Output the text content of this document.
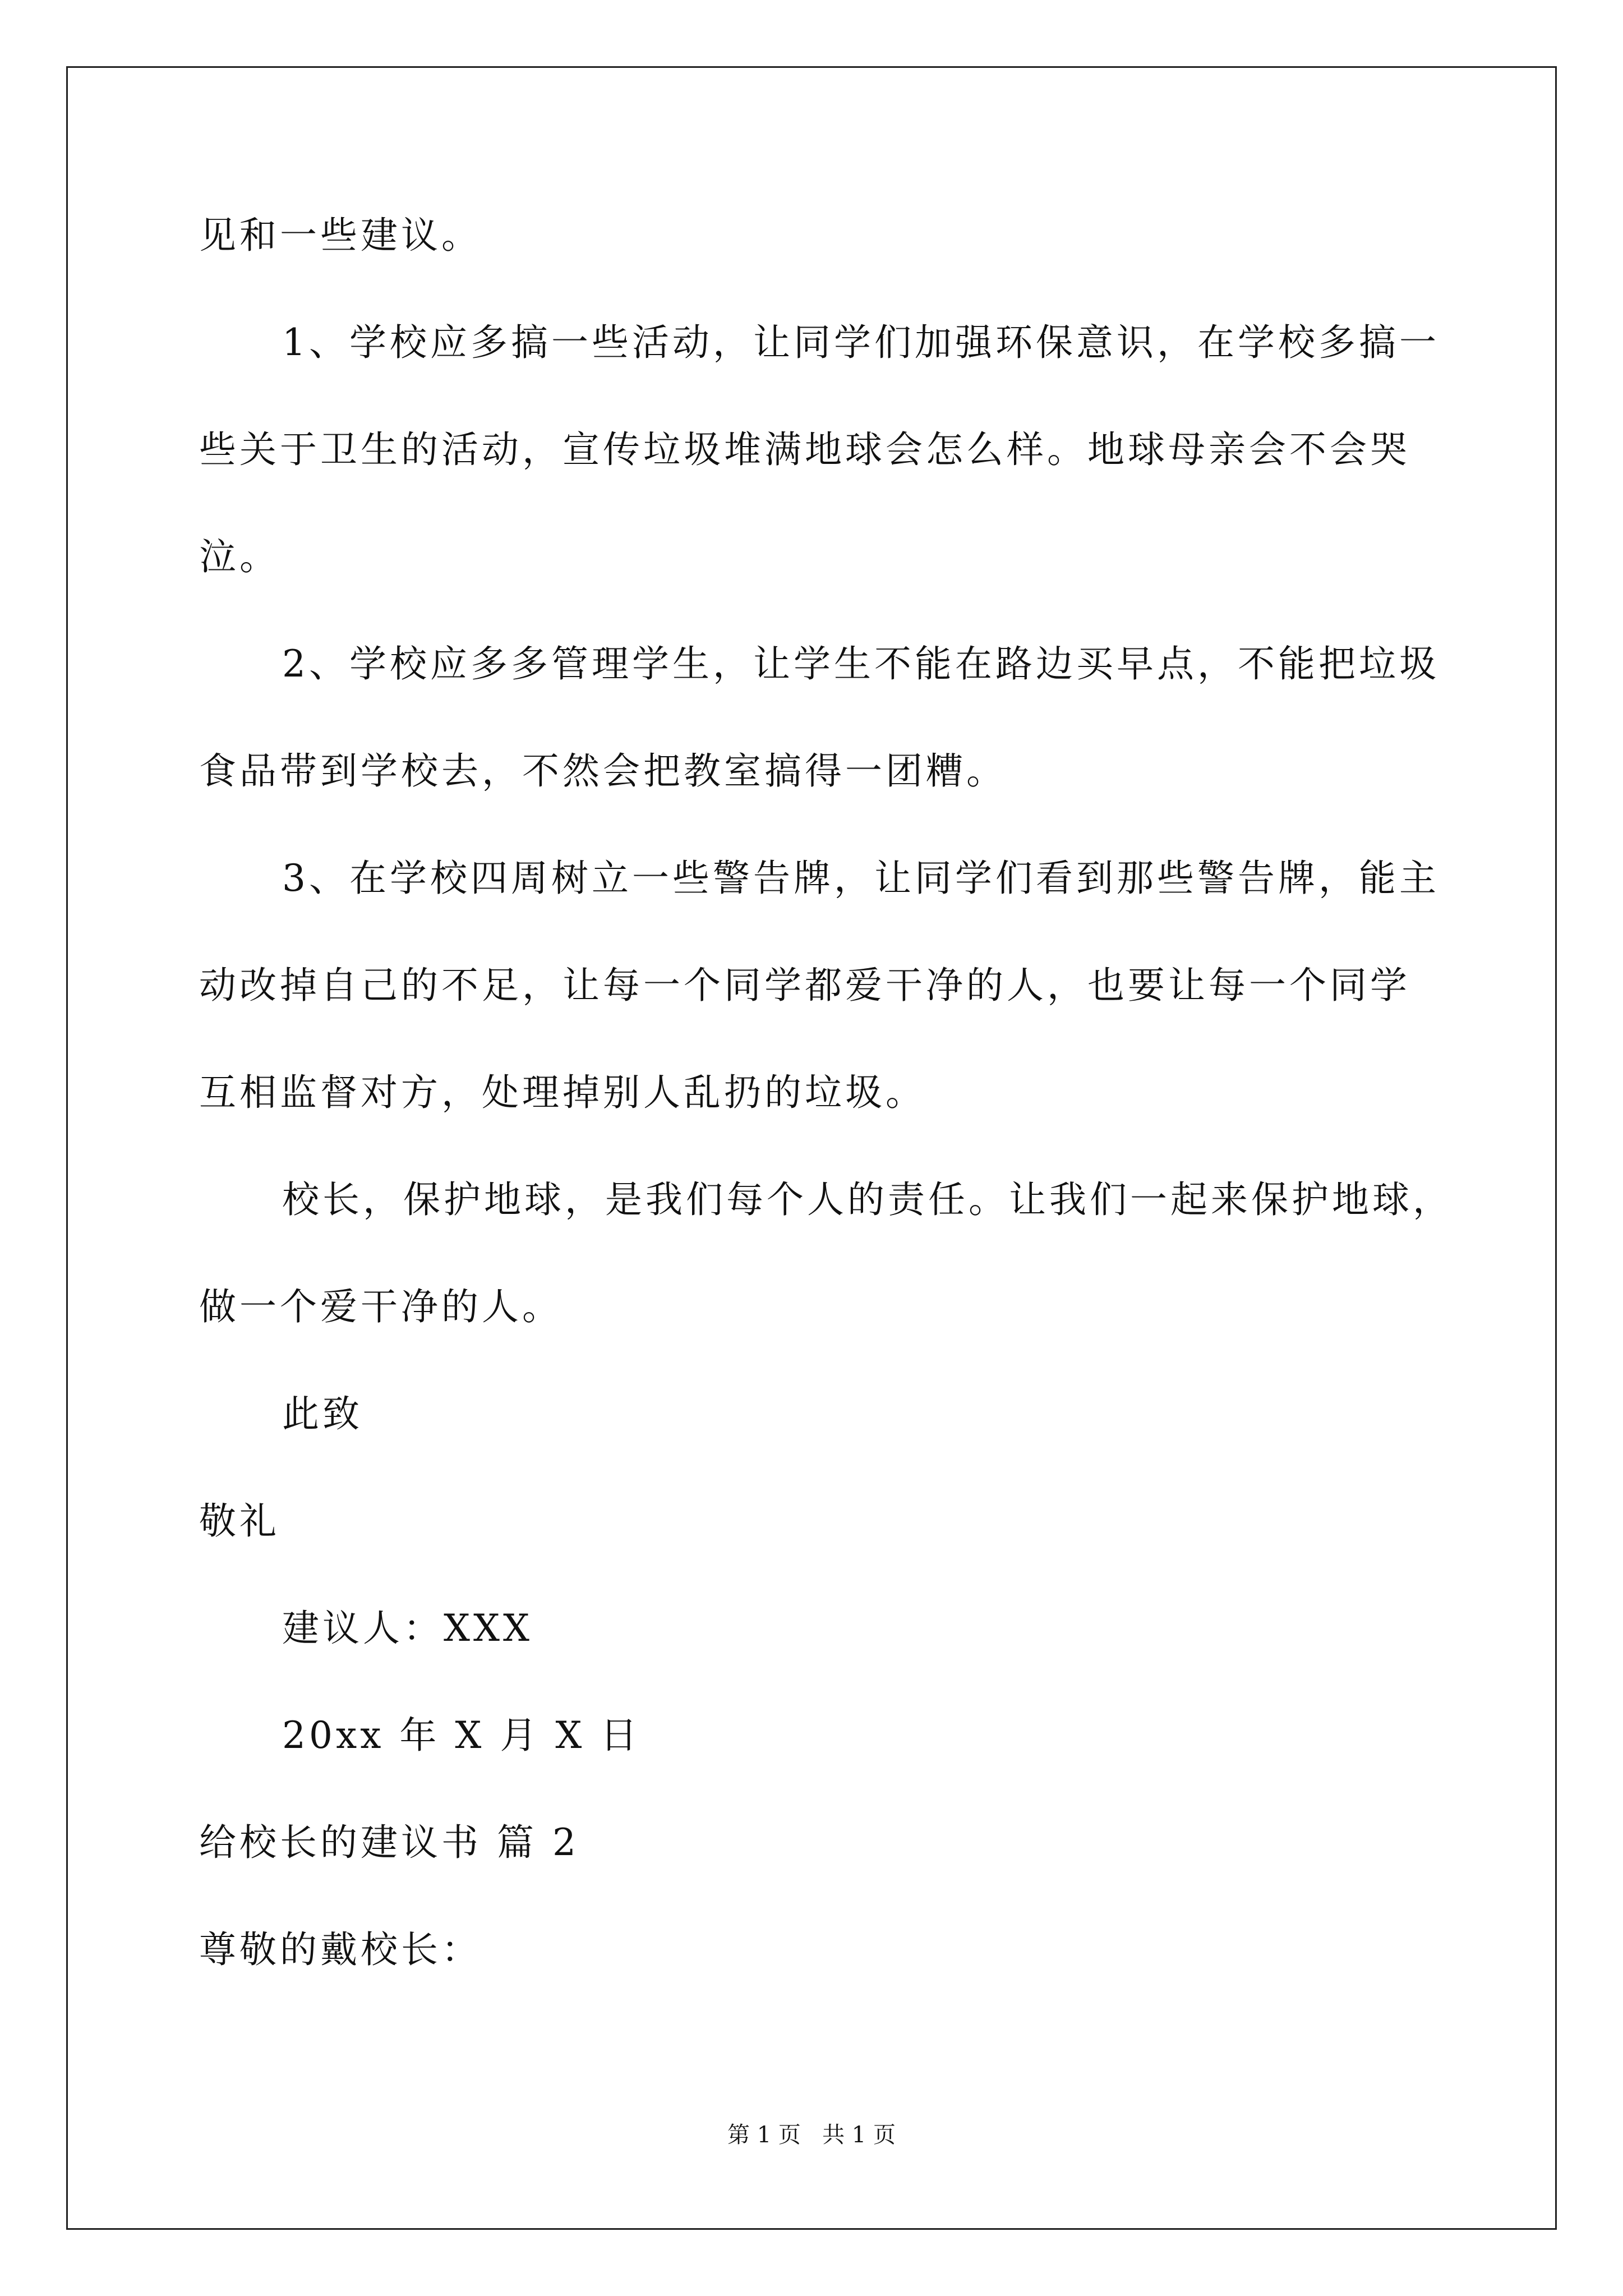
见和一些建议。
1、学校应多搞一些活动，让同学们加强环保意识，在学校多搞一
些关于卫生的活动，宣传垃圾堆满地球会怎么样。地球母亲会不会哭
泣。
2、学校应多多管理学生，让学生不能在路边买早点，不能把垃圾
食品带到学校去，不然会把教室搞得一团糟。
3、在学校四周树立一些警告牌，让同学们看到那些警告牌，能主
动改掉自己的不足，让每一个同学都爱干净的人，也要让每一个同学
互相监督对方，处理掉别人乱扔的垃圾。
校长，保护地球，是我们每个人的责任。让我们一起来保护地球，
做一个爱干净的人。
此致
敬礼
建议人：XXX
20xx 年 X 月 X 日
给校长的建议书 篇 2
尊敬的戴校长：
第 1 页   共 1 页
